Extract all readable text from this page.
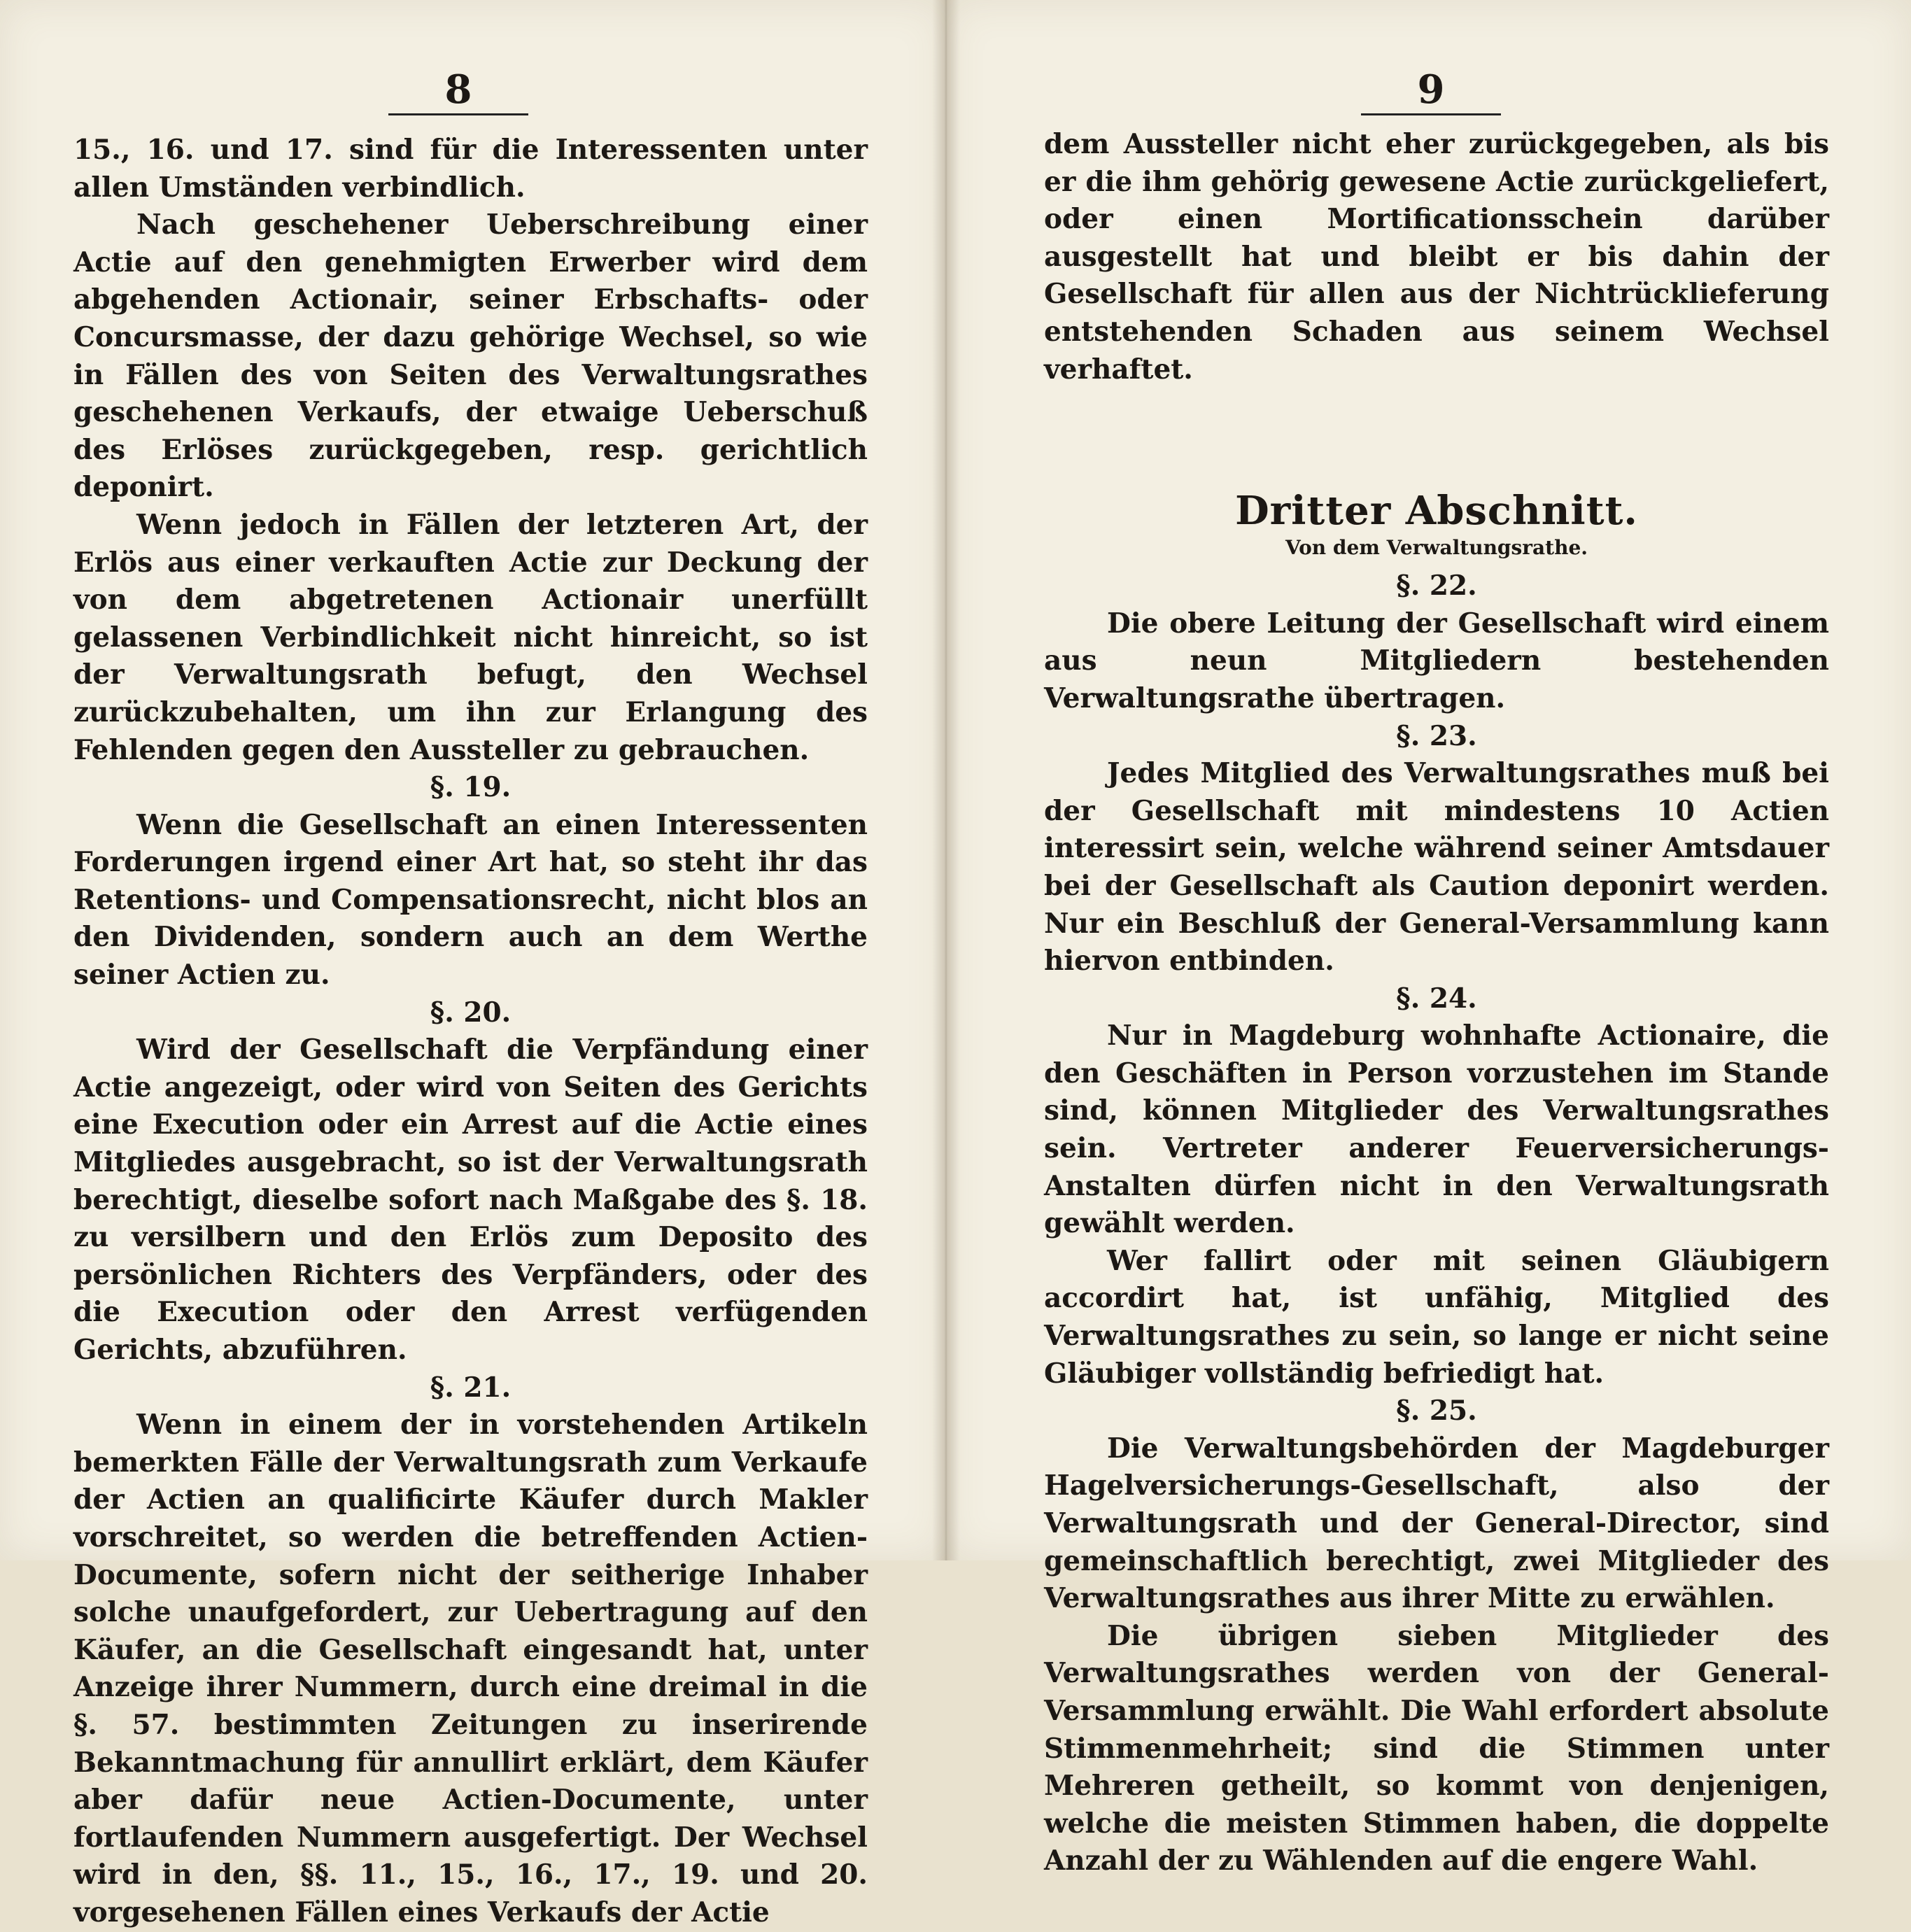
8

15., 16. und 17. sind für die Interessenten unter allen Umständen verbindlich.

Nach geschehener Ueberschreibung einer Actie auf den genehmigten Erwerber wird dem abgehenden Actionair, seiner Erbschafts- oder Concursmasse, der dazu gehörige Wechsel, so wie in Fällen des von Seiten des Verwaltungsrathes geschehenen Verkaufs, der etwaige Ueberschuß des Erlöses zurückgegeben, resp. gerichtlich deponirt.

Wenn jedoch in Fällen der letzteren Art, der Erlös aus einer verkauften Actie zur Deckung der von dem abgetretenen Actionair unerfüllt gelassenen Verbindlichkeit nicht hinreicht, so ist der Verwaltungsrath befugt, den Wechsel zurückzubehalten, um ihn zur Erlangung des Fehlenden gegen den Aussteller zu gebrauchen.

§. 19.

Wenn die Gesellschaft an einen Interessenten Forderungen irgend einer Art hat, so steht ihr das Retentions- und Compensationsrecht, nicht blos an den Dividenden, sondern auch an dem Werthe seiner Actien zu.

§. 20.

Wird der Gesellschaft die Verpfändung einer Actie angezeigt, oder wird von Seiten des Gerichts eine Execution oder ein Arrest auf die Actie eines Mitgliedes ausgebracht, so ist der Verwaltungsrath berechtigt, dieselbe sofort nach Maßgabe des §. 18. zu versilbern und den Erlös zum Deposito des persönlichen Richters des Verpfänders, oder des die Execution oder den Arrest verfügenden Gerichts, abzuführen.

§. 21.

Wenn in einem der in vorstehenden Artikeln bemerkten Fälle der Verwaltungsrath zum Verkaufe der Actien an qualificirte Käufer durch Makler vorschreitet, so werden die betreffenden Actien-Documente, sofern nicht der seitherige Inhaber solche unaufgefordert, zur Uebertragung auf den Käufer, an die Gesellschaft eingesandt hat, unter Anzeige ihrer Nummern, durch eine dreimal in die §. 57. bestimmten Zeitungen zu inserirende Bekanntmachung für annullirt erklärt, dem Käufer aber dafür neue Actien-Documente, unter fortlaufenden Nummern ausgefertigt. Der Wechsel wird in den, §§. 11., 15., 16., 17., 19. und 20. vorgesehenen Fällen eines Verkaufs der Actie

9

dem Aussteller nicht eher zurückgegeben, als bis er die ihm gehörig gewesene Actie zurückgeliefert, oder einen Mortificationsschein darüber ausgestellt hat und bleibt er bis dahin der Gesellschaft für allen aus der Nichtrücklieferung entstehenden Schaden aus seinem Wechsel verhaftet.

Dritter Abschnitt.

Von dem Verwaltungsrathe.

§. 22.

Die obere Leitung der Gesellschaft wird einem aus neun Mitgliedern bestehenden Verwaltungsrathe übertragen.

§. 23.

Jedes Mitglied des Verwaltungsrathes muß bei der Gesellschaft mit mindestens 10 Actien interessirt sein, welche während seiner Amtsdauer bei der Gesellschaft als Caution deponirt werden. Nur ein Beschluß der General-Versammlung kann hiervon entbinden.

§. 24.

Nur in Magdeburg wohnhafte Actionaire, die den Geschäften in Person vorzustehen im Stande sind, können Mitglieder des Verwaltungsrathes sein. Vertreter anderer Feuerversicherungs-Anstalten dürfen nicht in den Verwaltungsrath gewählt werden.

Wer fallirt oder mit seinen Gläubigern accordirt hat, ist unfähig, Mitglied des Verwaltungsrathes zu sein, so lange er nicht seine Gläubiger vollständig befriedigt hat.

§. 25.

Die Verwaltungsbehörden der Magdeburger Hagelversicherungs-Gesellschaft, also der Verwaltungsrath und der General-Director, sind gemeinschaftlich berechtigt, zwei Mitglieder des Verwaltungsrathes aus ihrer Mitte zu erwählen.

Die übrigen sieben Mitglieder des Verwaltungsrathes werden von der General-Versammlung erwählt. Die Wahl erfordert absolute Stimmenmehrheit; sind die Stimmen unter Mehreren getheilt, so kommt von denjenigen, welche die meisten Stimmen haben, die doppelte Anzahl der zu Wählenden auf die engere Wahl.
